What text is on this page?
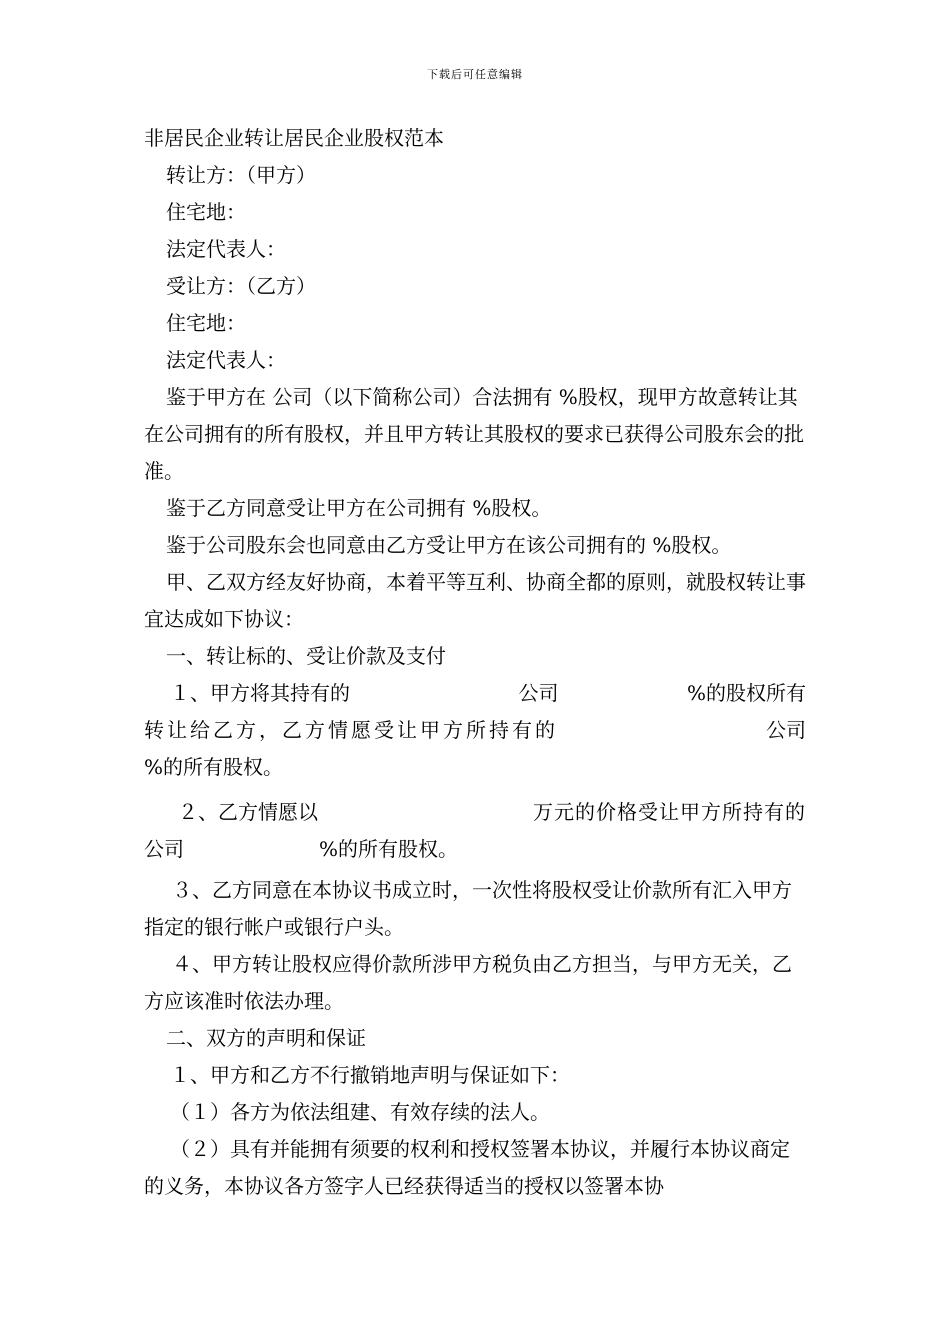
下载后可任意编辑
非居民企业转让居民企业股权范本

转让方：（甲方）

住宅地：

法定代表人：

受让方：（乙方）

住宅地：

法定代表人：

鉴于甲方在 公司（以下简称公司）合法拥有 %股权，现甲方故意转让其在公司拥有的所有股权，并且甲方转让其股权的要求已获得公司股东会的批准。

鉴于乙方同意受让甲方在公司拥有 %股权。

鉴于公司股东会也同意由乙方受让甲方在该公司拥有的 %股权。

甲、乙双方经友好协商，本着平等互利、协商全都的原则，就股权转让事宜达成如下协议：

一、转让标的、受让价款及支付

１、甲方将其持有的	公司	%的股权所有
转让给乙方，乙方情愿受让甲方所持有的	公司

%的所有股权。

２、乙方情愿以	万元的价格受让甲方所持有的
公司	%的所有股权。

３、乙方同意在本协议书成立时，一次性将股权受让价款所有汇入甲方指定的银行帐户或银行户头。

４、甲方转让股权应得价款所涉甲方税负由乙方担当，与甲方无关，乙方应该准时依法办理。

二、双方的声明和保证

１、甲方和乙方不行撤销地声明与保证如下：

（１）各方为依法组建、有效存续的法人。

（２）具有并能拥有须要的权利和授权签署本协议，并履行本协议商定的义务，本协议各方签字人已经获得适当的授权以签署本协
